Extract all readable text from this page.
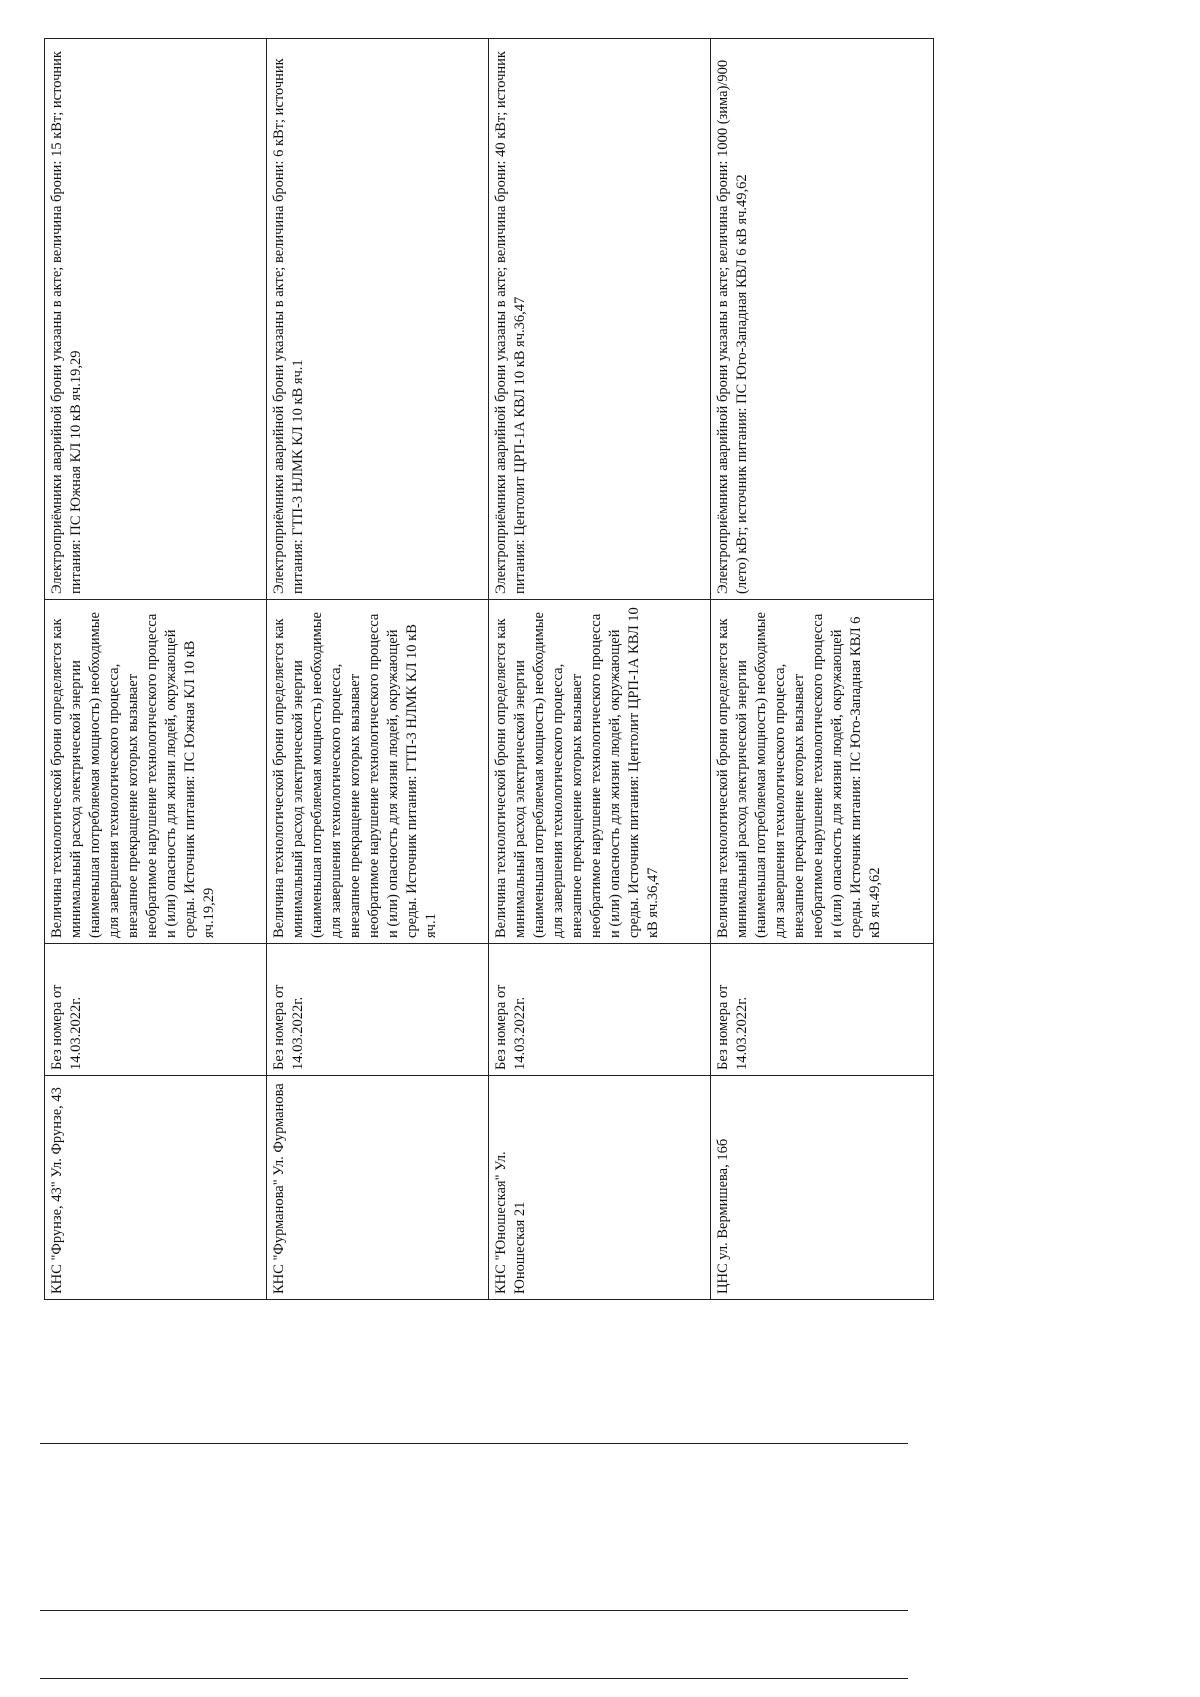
КНС "Фрунзе, 43" Ул. Фрунзе, 43
Без номера от 14.03.2022г.
Величина технологической брони определяется как минимальный расход электрической энергии (наименьшая потребляемая мощность) необходимые для завершения технологического процесса, внезапное прекращение которых вызывает необратимое нарушение технологического процесса и (или) опасность для жизни людей, окружающей среды. Источник питания: ПС Южная КЛ 10 кВ яч.19,29
Электроприёмники аварийной брони указаны в акте; величина брони: 15 кВт; источник питания: ПС Южная КЛ 10 кВ яч.19,29
КНС "Фурманова" Ул. Фурманова
Без номера от 14.03.2022г.
Величина технологической брони определяется как минимальный расход электрической энергии (наименьшая потребляемая мощность) необходимые для завершения технологического процесса, внезапное прекращение которых вызывает необратимое нарушение технологического процесса и (или) опасность для жизни людей, окружающей среды. Источник питания: ГТП-3 НЛМК КЛ 10 кВ яч.1
Электроприёмники аварийной брони указаны в акте; величина брони: 6 кВт; источник питания: ГТП-3 НЛМК КЛ 10 кВ яч.1
КНС "Юношеская" Ул. Юношеская 21
Без номера от 14.03.2022г.
Величина технологической брони определяется как минимальный расход электрической энергии (наименьшая потребляемая мощность) необходимые для завершения технологического процесса, внезапное прекращение которых вызывает необратимое нарушение технологического процесса и (или) опасность для жизни людей, окружающей среды. Источник питания: Центолит ЦРП-1А КВЛ 10 кВ яч.36,47
Электроприёмники аварийной брони указаны в акте; величина брони: 40 кВт; источник питания: Центолит ЦРП-1А КВЛ 10 кВ яч.36,47
ЦНС ул. Вермишева, 16б
Без номера от 14.03.2022г.
Величина технологической брони определяется как минимальный расход электрической энергии (наименьшая потребляемая мощность) необходимые для завершения технологического процесса, внезапное прекращение которых вызывает необратимое нарушение технологического процесса и (или) опасность для жизни людей, окружающей среды. Источник питания: ПС Юго-Западная КВЛ 6 кВ яч.49,62
Электроприёмники аварийной брони указаны в акте; величина брони: 1000 (зима)/900 (лето) кВт; источник питания: ПС Юго-Западная КВЛ 6 кВ яч.49,62
